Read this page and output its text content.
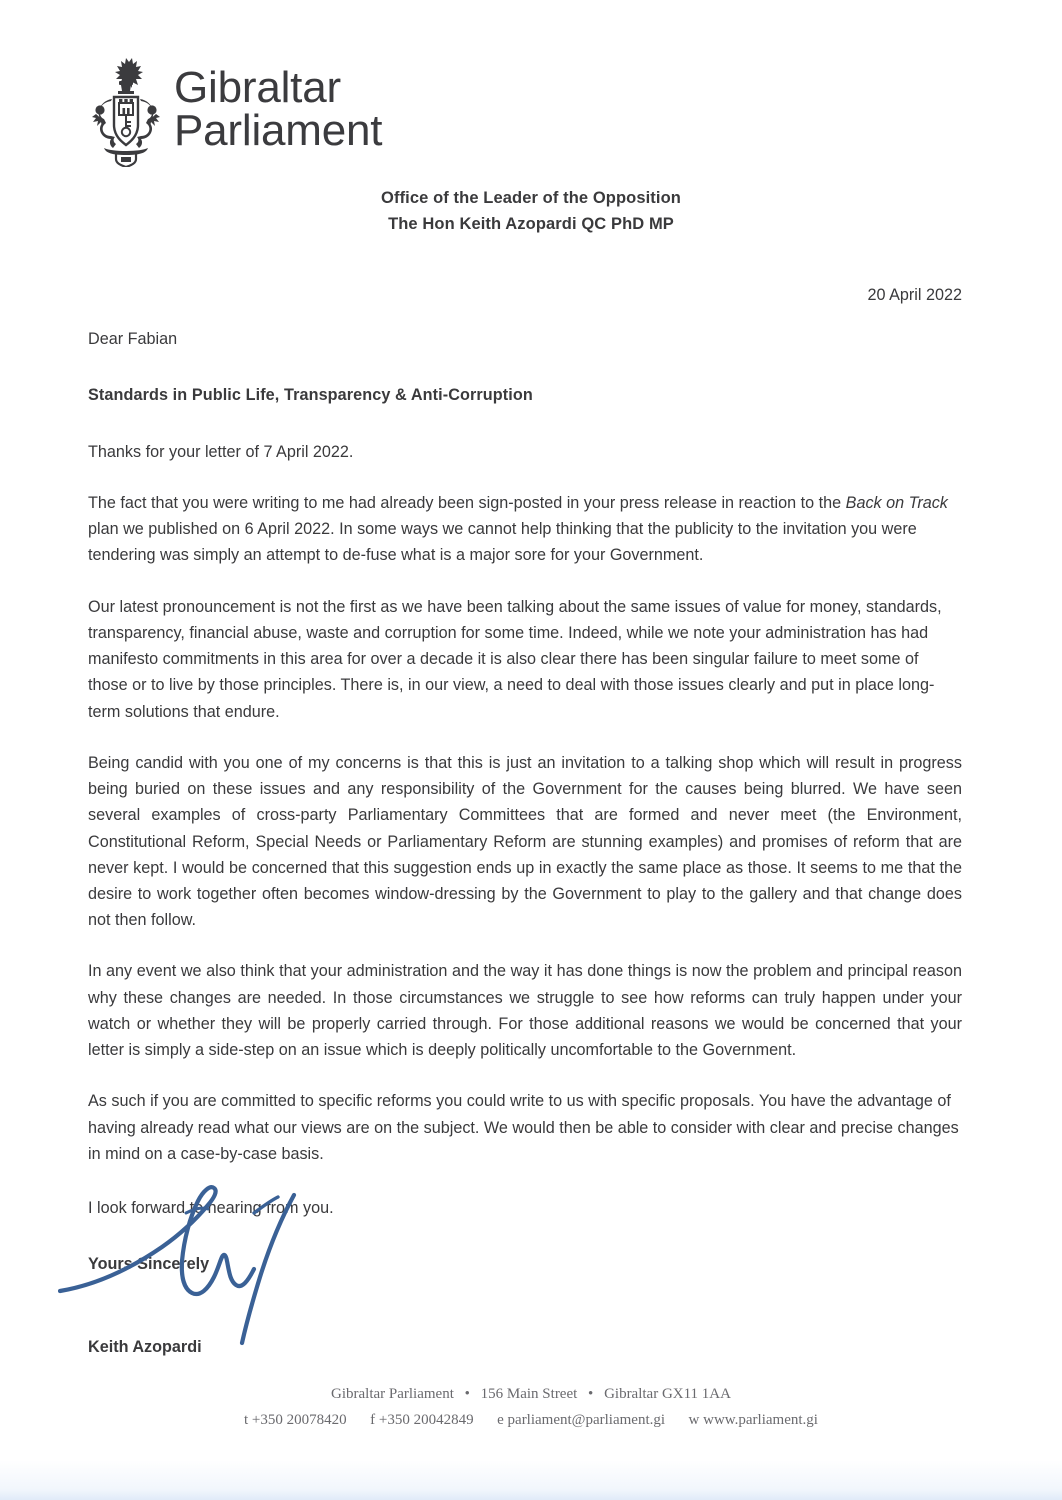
Gibraltar
Parliament
Office of the Leader of the Opposition
The Hon Keith Azopardi QC PhD MP
20 April 2022
Dear Fabian
Standards in Public Life, Transparency & Anti-Corruption

Thanks for your letter of 7 April 2022.

The fact that you were writing to me had already been sign-posted in your press release in reaction to the Back on Track plan we published on 6 April 2022. In some ways we cannot help thinking that the publicity to the invitation you were tendering was simply an attempt to de-fuse what is a major sore for your Government.

Our latest pronouncement is not the first as we have been talking about the same issues of value for money, standards, transparency, financial abuse, waste and corruption for some time. Indeed, while we note your administration has had manifesto commitments in this area for over a decade it is also clear there has been singular failure to meet some of those or to live by those principles. There is, in our view, a need to deal with those issues clearly and put in place long-term solutions that endure.

Being candid with you one of my concerns is that this is just an invitation to a talking shop which will result in progress being buried on these issues and any responsibility of the Government for the causes being blurred. We have seen several examples of cross-party Parliamentary Committees that are formed and never meet (the Environment, Constitutional Reform, Special Needs or Parliamentary Reform are stunning examples) and promises of reform that are never kept. I would be concerned that this suggestion ends up in exactly the same place as those. It seems to me that the desire to work together often becomes window-dressing by the Government to play to the gallery and that change does not then follow.

In any event we also think that your administration and the way it has done things is now the problem and principal reason why these changes are needed. In those circumstances we struggle to see how reforms can truly happen under your watch or whether they will be properly carried through. For those additional reasons we would be concerned that your letter is simply a side-step on an issue which is deeply politically uncomfortable to the Government.

As such if you are committed to specific reforms you could write to us with specific proposals. You have the advantage of having already read what our views are on the subject. We would then be able to consider with clear and precise changes in mind on a case-by-case basis.

I look forward to hearing from you.

Yours Sincerely

Keith Azopardi

Gibraltar Parliament • 156 Main Street • Gibraltar GX11 1AA
t +350 20078420 f +350 20042849 e parliament@parliament.gi w www.parliament.gi
